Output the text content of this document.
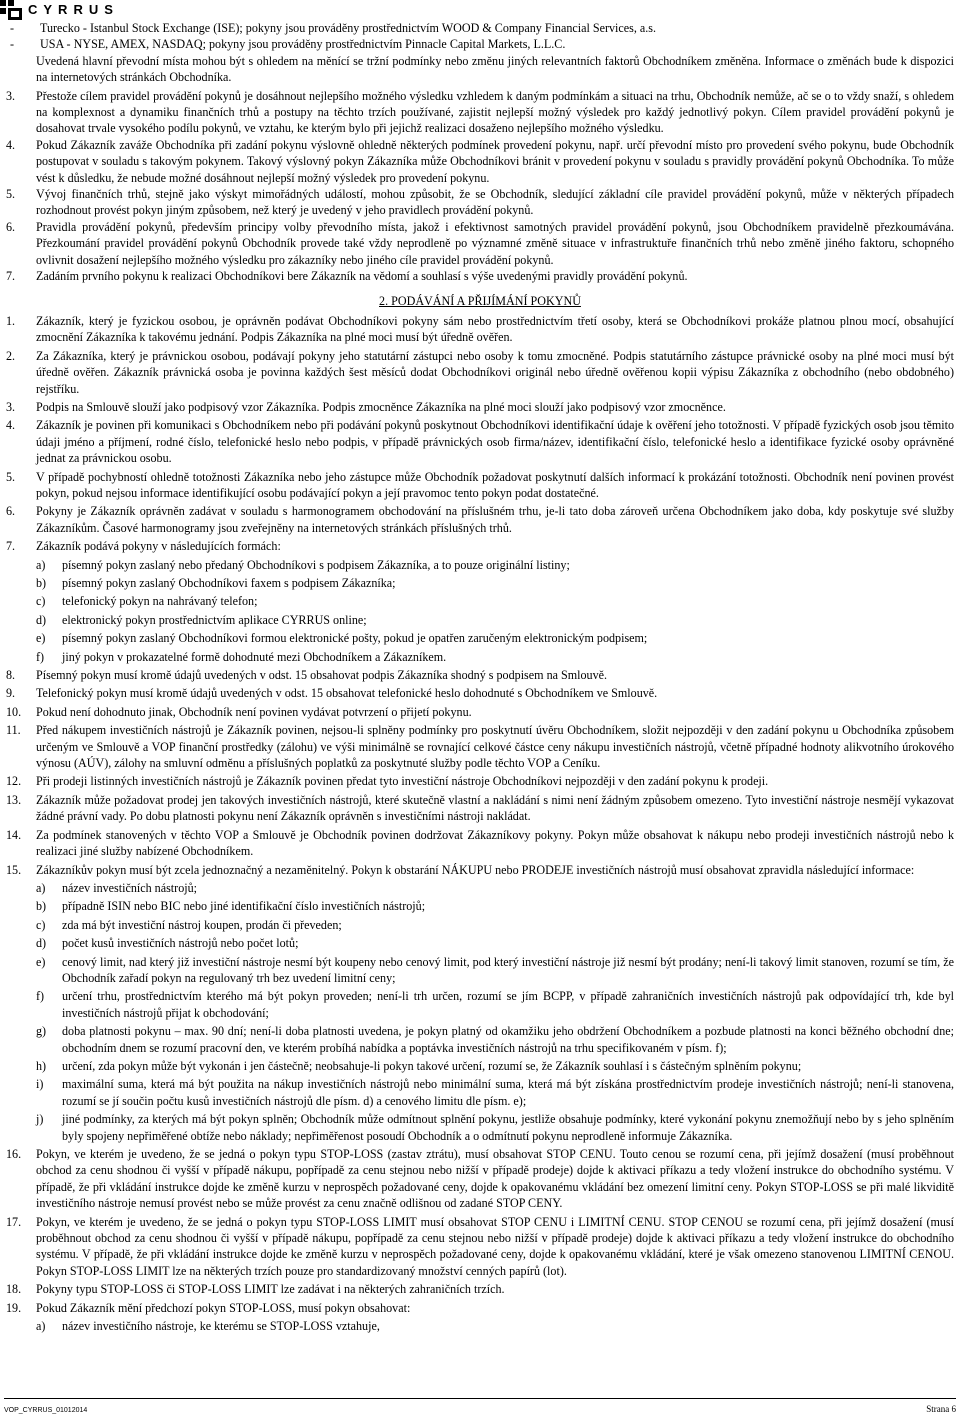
CYRRUS
-	Turecko - Istanbul Stock Exchange (ISE); pokyny jsou prováděny prostřednictvím WOOD & Company Financial Services, a.s.
-	USA - NYSE, AMEX, NASDAQ; pokyny jsou prováděny prostřednictvím Pinnacle Capital Markets, L.L.C.

Uvedená hlavní převodní místa mohou být s ohledem na měnící se tržní podmínky nebo změnu jiných relevantních faktorů Obchodníkem změněna. Informace o změnách bude k dispozici na internetových stránkách Obchodníka.

3.	Přestože cílem pravidel provádění pokynů je dosáhnout nejlepšího možného výsledku vzhledem k daným podmínkám a situaci na trhu, Obchodník nemůže, ač se o to vždy snaží, s ohledem na komplexnost a dynamiku finančních trhů a postupy na těchto trzích používané, zajistit nejlepší možný výsledek pro každý jednotlivý pokyn. Cílem pravidel provádění pokynů je dosahovat trvale vysokého podílu pokynů, ve vztahu, ke kterým bylo při jejichž realizaci dosaženo nejlepšího možného výsledku.
4.	Pokud Zákazník zaváže Obchodníka při zadání pokynu výslovně ohledně některých podmínek provedení pokynu, např. určí převodní místo pro provedení svého pokynu, bude Obchodník postupovat v souladu s takovým pokynem. Takový výslovný pokyn Zákazníka může Obchodníkovi bránit v provedení pokynu v souladu s pravidly provádění pokynů Obchodníka. To může vést k důsledku, že nebude možné dosáhnout nejlepší možný výsledek pro provedení pokynu.
5.	Vývoj finančních trhů, stejně jako výskyt mimořádných událostí, mohou způsobit, že se Obchodník, sledující základní cíle pravidel provádění pokynů, může v některých případech rozhodnout provést pokyn jiným způsobem, než který je uvedený v jeho pravidlech provádění pokynů.
6.	Pravidla provádění pokynů, především principy volby převodního místa, jakož i efektivnost samotných pravidel provádění pokynů, jsou Obchodníkem pravidelně přezkoumávána. Přezkoumání pravidel provádění pokynů Obchodník provede také vždy neprodleně po významné změně situace v infrastruktuře finančních trhů nebo změně jiného faktoru, schopného ovlivnit dosažení nejlepšího možného výsledku pro zákazníky nebo jiného cíle pravidel provádění pokynů.
7.	Zadáním prvního pokynu k realizaci Obchodníkovi bere Zákazník na vědomí a souhlasí s výše uvedenými pravidly provádění pokynů.

2. PODÁVÁNÍ A PŘIJÍMÁNÍ POKYNŮ

1.	Zákazník, který je fyzickou osobou, je oprávněn podávat Obchodníkovi pokyny sám nebo prostřednictvím třetí osoby, která se Obchodníkovi prokáže platnou plnou mocí, obsahující zmocnění Zákazníka k takovému jednání. Podpis Zákazníka na plné moci musí být úředně ověřen.
2.	Za Zákazníka, který je právnickou osobou, podávají pokyny jeho statutární zástupci nebo osoby k tomu zmocněné. Podpis statutárního zástupce právnické osoby na plné moci musí být úředně ověřen. Zákazník právnická osoba je povinna každých šest měsíců dodat Obchodníkovi originál nebo úředně ověřenou kopii výpisu Zákazníka z obchodního (nebo obdobného) rejstříku.
3.	Podpis na Smlouvě slouží jako podpisový vzor Zákazníka. Podpis zmocněnce Zákazníka na plné moci slouží jako podpisový vzor zmocněnce.
4.	Zákazník je povinen při komunikaci s Obchodníkem nebo při podávání pokynů poskytnout Obchodníkovi identifikační údaje k ověření jeho totožnosti. V případě fyzických osob jsou těmito údaji jméno a příjmení, rodné číslo, telefonické heslo nebo podpis, v případě právnických osob firma/název, identifikační číslo, telefonické heslo a identifikace fyzické osoby oprávněné jednat za právnickou osobu.
5.	V případě pochybností ohledně totožnosti Zákazníka nebo jeho zástupce může Obchodník požadovat poskytnutí dalších informací k prokázání totožnosti. Obchodník není povinen provést pokyn, pokud nejsou informace identifikující osobu podávající pokyn a její pravomoc tento pokyn podat dostatečné.
6.	Pokyny je Zákazník oprávněn zadávat v souladu s harmonogramem obchodování na příslušném trhu, je-li tato doba zároveň určena Obchodníkem jako doba, kdy poskytuje své služby Zákazníkům. Časové harmonogramy jsou zveřejněny na internetových stránkách příslušných trhů.
7.	Zákazník podává pokyny v následujících formách:
a)	písemný pokyn zaslaný nebo předaný Obchodníkovi s podpisem Zákazníka, a to pouze originální listiny;
b)	písemný pokyn zaslaný Obchodníkovi faxem s podpisem Zákazníka;
c)	telefonický pokyn na nahrávaný telefon;
d)	elektronický pokyn prostřednictvím aplikace CYRRUS online;
e)	písemný pokyn zaslaný Obchodníkovi formou elektronické pošty, pokud je opatřen zaručeným elektronickým podpisem;
f)	jiný pokyn v prokazatelné formě dohodnuté mezi Obchodníkem a Zákazníkem.
8.	Písemný pokyn musí kromě údajů uvedených v odst. 15 obsahovat podpis Zákazníka shodný s podpisem na Smlouvě.
9.	Telefonický pokyn musí kromě údajů uvedených v odst. 15 obsahovat telefonické heslo dohodnuté s Obchodníkem ve Smlouvě.
10.	Pokud není dohodnuto jinak, Obchodník není povinen vydávat potvrzení o přijetí pokynu.
11.	Před nákupem investičních nástrojů je Zákazník povinen, nejsou-li splněny podmínky pro poskytnutí úvěru Obchodníkem, složit nejpozději v den zadání pokynu u Obchodníka způsobem určeným ve Smlouvě a VOP finanční prostředky (zálohu) ve výši minimálně se rovnající celkové částce ceny nákupu investičních nástrojů, včetně případné hodnoty alikvotního úrokového výnosu (AÚV), zálohy na smluvní odměnu a příslušných poplatků za poskytnuté služby podle těchto VOP a Ceníku.
12.	Při prodeji listinných investičních nástrojů je Zákazník povinen předat tyto investiční nástroje Obchodníkovi nejpozději v den zadání pokynu k prodeji.
13.	Zákazník může požadovat prodej jen takových investičních nástrojů, které skutečně vlastní a nakládání s nimi není žádným způsobem omezeno. Tyto investiční nástroje nesmějí vykazovat žádné právní vady. Po dobu platnosti pokynu není Zákazník oprávněn s investičními nástroji nakládat.
14.	Za podmínek stanovených v těchto VOP a Smlouvě je Obchodník povinen dodržovat Zákazníkovy pokyny. Pokyn může obsahovat k nákupu nebo prodeji investičních nástrojů nebo k realizaci jiné služby nabízené Obchodníkem.
15.	Zákazníkův pokyn musí být zcela jednoznačný a nezaměnitelný. Pokyn k obstarání NÁKUPU nebo PRODEJE investičních nástrojů musí obsahovat zpravidla následující informace:
a)	název investičních nástrojů;
b)	případně ISIN nebo BIC nebo jiné identifikační číslo investičních nástrojů;
c)	zda má být investiční nástroj koupen, prodán či převeden;
d)	počet kusů investičních nástrojů nebo počet lotů;
e)	cenový limit, nad který již investiční nástroje nesmí být koupeny nebo cenový limit, pod který investiční nástroje již nesmí být prodány; není-li takový limit stanoven, rozumí se tím, že Obchodník zařadí pokyn na regulovaný trh bez uvedení limitní ceny;
f)	určení trhu, prostřednictvím kterého má být pokyn proveden; není-li trh určen, rozumí se jím BCPP, v případě zahraničních investičních nástrojů pak odpovídající trh, kde byl investičních nástrojů přijat k obchodování;
g)	doba platnosti pokynu – max. 90 dní; není-li doba platnosti uvedena, je pokyn platný od okamžiku jeho obdržení Obchodníkem a pozbude platnosti na konci běžného obchodní dne; obchodním dnem se rozumí pracovní den, ve kterém probíhá nabídka a poptávka investičních nástrojů na trhu specifikovaném v písm. f);
h)	určení, zda pokyn může být vykonán i jen částečně; neobsahuje-li pokyn takové určení, rozumí se, že Zákazník souhlasí i s částečným splněním pokynu;
i)	maximální suma, která má být použita na nákup investičních nástrojů nebo minimální suma, která má být získána prostřednictvím prodeje investičních nástrojů; není-li stanovena, rozumí se jí součin počtu kusů investičních nástrojů dle písm. d) a cenového limitu dle písm. e);
j)	jiné podmínky, za kterých má být pokyn splněn; Obchodník může odmítnout splnění pokynu, jestliže obsahuje podmínky, které vykonání pokynu znemožňují nebo by s jeho splněním byly spojeny nepřiměřené obtíže nebo náklady; nepřiměřenost posoudí Obchodník a o odmítnutí pokynu neprodleně informuje Zákazníka.
16.	Pokyn, ve kterém je uvedeno, že se jedná o pokyn typu STOP-LOSS (zastav ztrátu), musí obsahovat STOP CENU. Touto cenou se rozumí cena, při jejímž dosažení (musí proběhnout obchod za cenu shodnou či vyšší v případě nákupu, popřípadě za cenu stejnou nebo nižší v případě prodeje) dojde k aktivaci příkazu a tedy vložení instrukce do obchodního systému. V případě, že při vkládání instrukce dojde ke změně kurzu v neprospěch požadované ceny, dojde k opakovanému vkládání bez omezení limitní ceny. Pokyn STOP-LOSS se při malé likviditě investičního nástroje nemusí provést nebo se může provést za cenu značně odlišnou od zadané STOP CENY.
17.	Pokyn, ve kterém je uvedeno, že se jedná o pokyn typu STOP-LOSS LIMIT musí obsahovat STOP CENU i LIMITNÍ CENU. STOP CENOU se rozumí cena, při jejímž dosažení (musí proběhnout obchod za cenu shodnou či vyšší v případě nákupu, popřípadě za cenu stejnou nebo nižší v případě prodeje) dojde k aktivaci příkazu a tedy vložení instrukce do obchodního systému. V případě, že při vkládání instrukce dojde ke změně kurzu v neprospěch požadované ceny, dojde k opakovanému vkládání, které je však omezeno stanovenou LIMITNÍ CENOU. Pokyn STOP-LOSS LIMIT lze na některých trzích pouze pro standardizovaný množství cenných papírů (lot).
18.	Pokyny typu STOP-LOSS či STOP-LOSS LIMIT lze zadávat i na některých zahraničních trzích.
19.	Pokud Zákazník mění předchozí pokyn STOP-LOSS, musí pokyn obsahovat:
a)	název investičního nástroje, ke kterému se STOP-LOSS vztahuje,
VOP_CYRRUS_01012014	Strana 6
